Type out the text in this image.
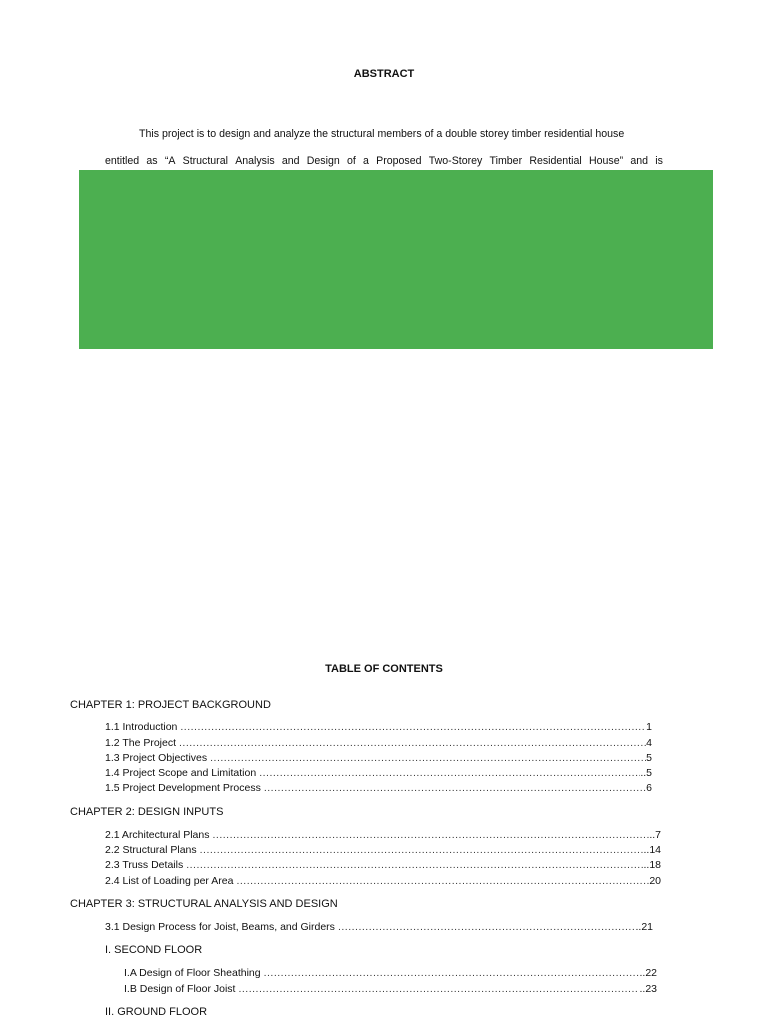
ABSTRACT
This project is to design and analyze the structural members of a double storey timber residential house
entitled as “A Structural Analysis and Design of a Proposed Two-Storey Timber Residential House” and is
TABLE OF CONTENTS
CHAPTER 1: PROJECT BACKGROUND
1.1 Introduction .....	1
1.2 The Project .....	4
1.3 Project Objectives .....	5
1.4 Project Scope and Limitation .....	..5
1.5 Project Development Process .....	6
CHAPTER 2: DESIGN INPUTS
2.1 Architectural Plans .....	..7
2.2 Structural Plans .....	..14
2.3 Truss Details .....	..18
2.4 List of Loading per Area .....	20
CHAPTER 3: STRUCTURAL ANALYSIS AND DESIGN
3.1 Design Process for Joist, Beams, and Girders .....	..21
I. SECOND FLOOR
I.A Design of Floor Sheathing .....	..22
I.B Design of Floor Joist .....	..23
II. GROUND FLOOR
